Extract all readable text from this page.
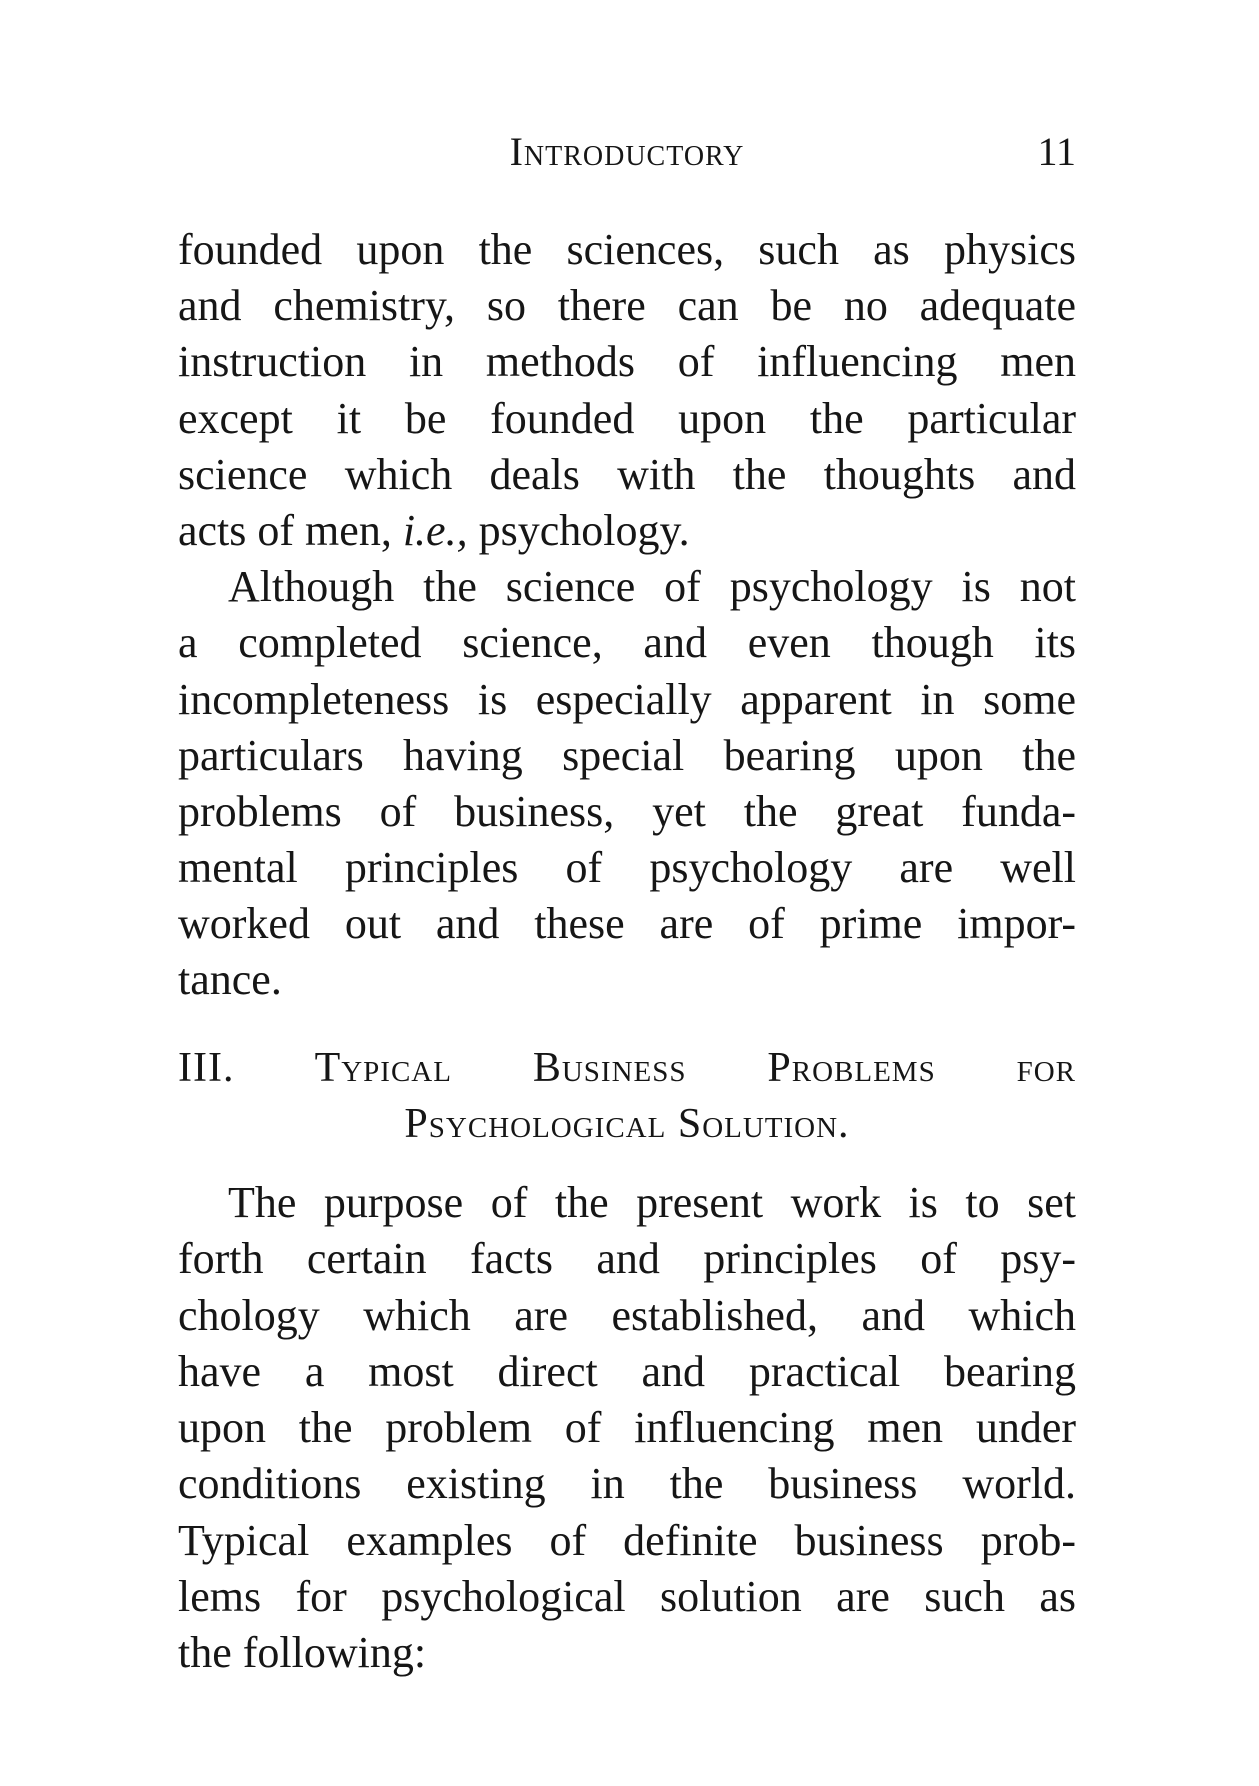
Introductory	11
founded upon the sciences, such as physics
and chemistry, so there can be no adequate
instruction in methods of influencing men
except it be founded upon the particular
science which deals with the thoughts and
acts of men, i.e., psychology.
Although the science of psychology is not
a completed science, and even though its
incompleteness is especially apparent in some
particulars having special bearing upon the
problems of business, yet the great funda-
mental principles of psychology are well
worked out and these are of prime impor-
tance.
III. Typical Business Problems for
Psychological Solution.
The purpose of the present work is to set
forth certain facts and principles of psy-
chology which are established, and which
have a most direct and practical bearing
upon the problem of influencing men under
conditions existing in the business world.
Typical examples of definite business prob-
lems for psychological solution are such as
the following:
